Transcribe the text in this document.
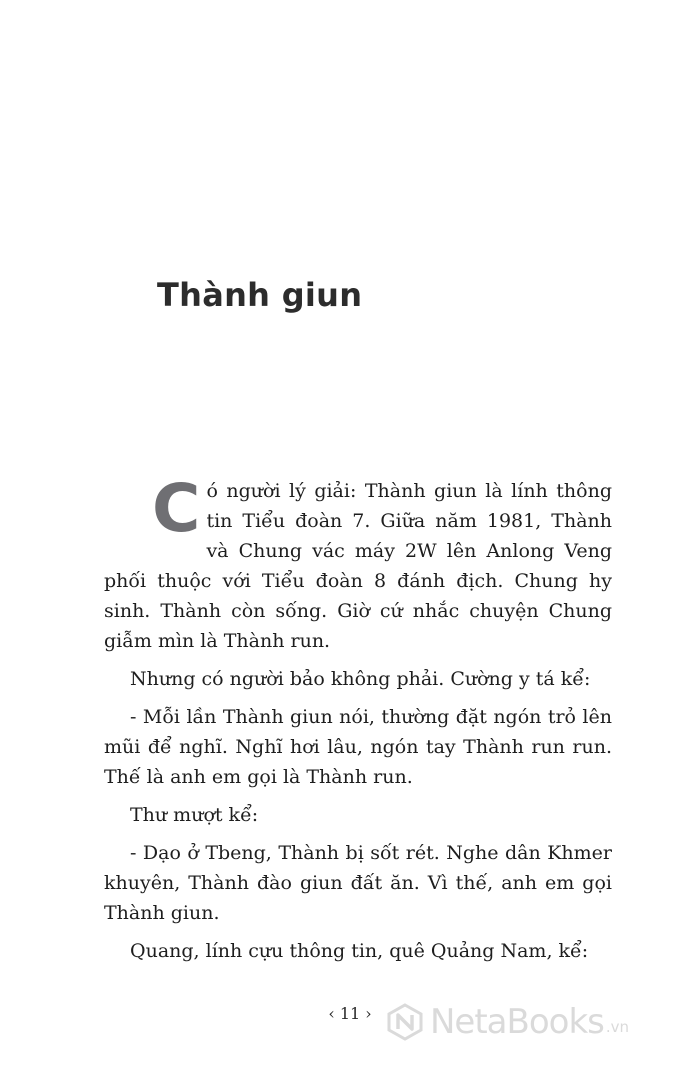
Thành giun

Có người lý giải: Thành giun là lính thông tin Tiểu đoàn 7. Giữa năm 1981, Thành và Chung vác máy 2W lên Anlong Veng phối thuộc với Tiểu đoàn 8 đánh địch. Chung hy sinh. Thành còn sống. Giờ cứ nhắc chuyện Chung giẫm mìn là Thành run.

Nhưng có người bảo không phải. Cường y tá kể:

- Mỗi lần Thành giun nói, thường đặt ngón trỏ lên mũi để nghĩ. Nghĩ hơi lâu, ngón tay Thành run run. Thế là anh em gọi là Thành run.

Thư mượt kể:

- Dạo ở Tbeng, Thành bị sốt rét. Nghe dân Khmer khuyên, Thành đào giun đất ăn. Vì thế, anh em gọi Thành giun.

Quang, lính cựu thông tin, quê Quảng Nam, kể:

‹ 11 ›	NetaBooks .vn
